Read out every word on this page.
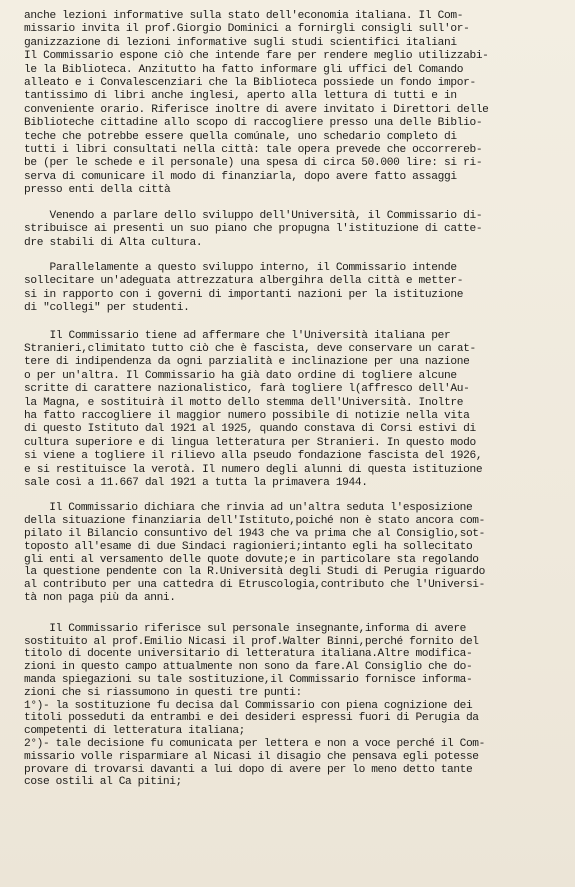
anche lezioni informative sulla stato dell'economia italiana. Il Com-
missario invita il prof.Giorgio Dominici a fornirgli consigli sull'or-
ganizzazione di lezioni informative sugli studi scientifici italiani
Il Commissario espone ciò che intende fare per rendere meglio utilizzabi-
le la Biblioteca. Anzitutto ha fatto informare gli uffici del Comando
alleato e i Convalescenziari che la Biblioteca possiede un fondo impor-
tantissimo di libri anche inglesi, aperto alla lettura di tutti e in
conveniente orario. Riferisce inoltre di avere invitato i Direttori delle
Biblioteche cittadine allo scopo di raccogliere presso una delle Biblio-
teche che potrebbe essere quella comúnale, uno schedario completo di
tutti i libri consultati nella città: tale opera prevede che occorrereb-
be (per le schede e il personale) una spesa di circa 50.000 lire: si ri-
serva di comunicare il modo di finanziarla, dopo avere fatto assaggi
presso enti della città
Venendo a parlare dello sviluppo dell'Università, il Commissario di-
stribuisce ai presenti un suo piano che propugna l'istituzione di catte-
dre stabili di Alta cultura.
Parallelamente a questo sviluppo interno, il Commissario intende
sollecitare un'adeguata attrezzatura albergihra della città e metter-
si in rapporto con i governi di importanti nazioni per la istituzione
di "collegi" per studenti.
Il Commissario tiene ad affermare che l'Università italiana per
Stranieri,climitato tutto ciò che è fascista, deve conservare un carat-
tere di indipendenza da ogni parzialità e inclinazione per una nazione
o per un'altra. Il Commissario ha già dato ordine di togliere alcune
scritte di carattere nazionalistico, farà togliere l(affresco dell'Au-
la Magna, e sostituirà il motto dello stemma dell'Università. Inoltre
ha fatto raccogliere il maggior numero possibile di notizie nella vita
di questo Istituto dal 1921 al 1925, quando constava di Corsi estivi di
cultura superiore e di lingua letteratura per Stranieri. In questo modo
si viene a togliere il rilievo alla pseudo fondazione fascista del 1926,
e si restituisce la verotà. Il numero degli alunni di questa istituzione
sale così a 11.667 dal 1921 a tutta la primavera 1944.
Il Commissario dichiara che rinvia ad un'altra seduta l'esposizione
della situazione finanziaria dell'Istituto,poiché non è stato ancora com-
pilato il Bilancio consuntivo del 1943 che va prima che al Consiglio,sot-
toposto all'esame di due Sindaci ragionieri;intanto egli ha sollecitato
gli enti al versamento delle quote dovute;e in particolare sta regolando
la questione pendente con la R.Università degli Studi di Perugia riguardo
al contributo per una cattedra di Etruscologia,contributo che l'Universi-
tà non paga più da anni.
Il Commissario riferisce sul personale insegnante,informa di avere
sostituito al prof.Emilio Nicasi il prof.Walter Binni,perché fornito del
titolo di docente universitario di letteratura italiana.Altre modifica-
zioni in questo campo attualmente non sono da fare.Al Consiglio che do-
manda spiegazioni su tale sostituzione,il Commissario fornisce informa-
zioni che si riassumono in questi tre punti:
1°)- la sostituzione fu decisa dal Commissario con piena cognizione dei
titoli posseduti da entrambi e dei desideri espressi fuori di Perugia da
competenti di letteratura italiana;
2°)- tale decisione fu comunicata per lettera e non a voce perché il Com-
missario volle risparmiare al Nicasi il disagio che pensava egli potesse
provare di trovarsi davanti a lui dopo di avere per lo meno detto tante
cose ostili al Ca pitini;
